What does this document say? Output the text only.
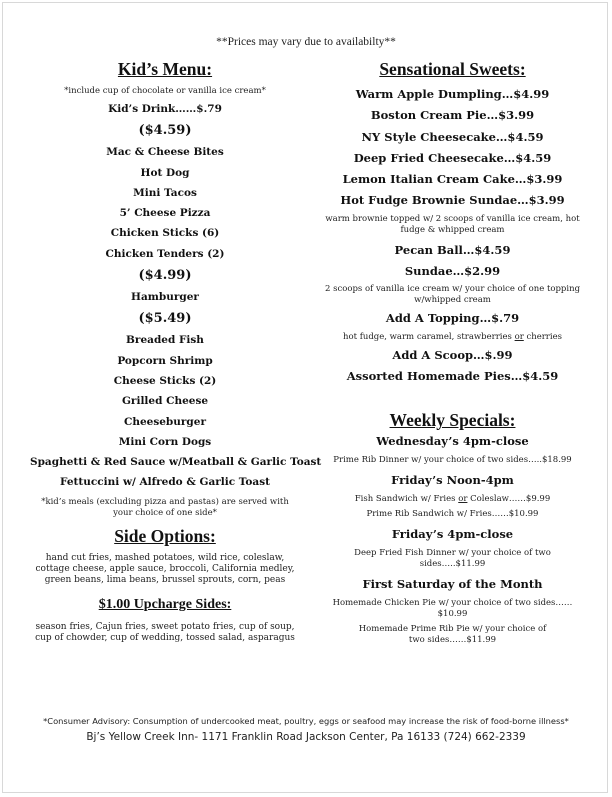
**Prices may vary due to availabilty**
Kid’s Menu:
*include cup of chocolate or vanilla ice cream*
Kid’s Drink……$.79
($4.59)
Mac & Cheese Bites
Hot Dog
Mini Tacos
5’ Cheese Pizza
Chicken Sticks (6)
Chicken Tenders (2)
($4.99)
Hamburger
($5.49)
Breaded Fish
Popcorn Shrimp
Cheese Sticks (2)
Grilled Cheese
Cheeseburger
Mini Corn Dogs
Spaghetti & Red Sauce w/Meatball & Garlic Toast
Fettuccini w/ Alfredo & Garlic Toast
*kid’s meals (excluding pizza and pastas) are served with your choice of one side*
Side Options:
hand cut fries, mashed potatoes, wild rice, coleslaw, cottage cheese, apple sauce, broccoli, California medley, green beans, lima beans, brussel sprouts, corn, peas
$1.00 Upcharge Sides:
season fries, Cajun fries, sweet potato fries, cup of soup, cup of chowder, cup of wedding, tossed salad, asparagus
Sensational Sweets:
Warm Apple Dumpling…$4.99
Boston Cream Pie…$3.99
NY Style Cheesecake…$4.59
Deep Fried Cheesecake…$4.59
Lemon Italian Cream Cake…$3.99
Hot Fudge Brownie Sundae…$3.99
warm brownie topped w/ 2 scoops of vanilla ice cream, hot fudge & whipped cream
Pecan Ball…$4.59
Sundae…$2.99
2 scoops of vanilla ice cream w/ your choice of one topping w/whipped cream
Add A Topping…$.79
hot fudge, warm caramel, strawberries or cherries
Add A Scoop…$.99
Assorted Homemade Pies…$4.59
Weekly Specials:
Wednesday’s 4pm-close
Prime Rib Dinner w/ your choice of two sides…..$18.99
Friday’s Noon-4pm
Fish Sandwich w/ Fries or Coleslaw……$9.99
Prime Rib Sandwich w/ Fries……$10.99
Friday’s 4pm-close
Deep Fried Fish Dinner w/ your choice of two sides…..$11.99
First Saturday of the Month
Homemade Chicken Pie w/ your choice of two sides……$10.99
Homemade Prime Rib Pie w/ your choice of two sides……$11.99
*Consumer Advisory: Consumption of undercooked meat, poultry, eggs or seafood may increase the risk of food-borne illness*
Bj’s Yellow Creek Inn- 1171 Franklin Road Jackson Center, Pa 16133 (724) 662-2339
